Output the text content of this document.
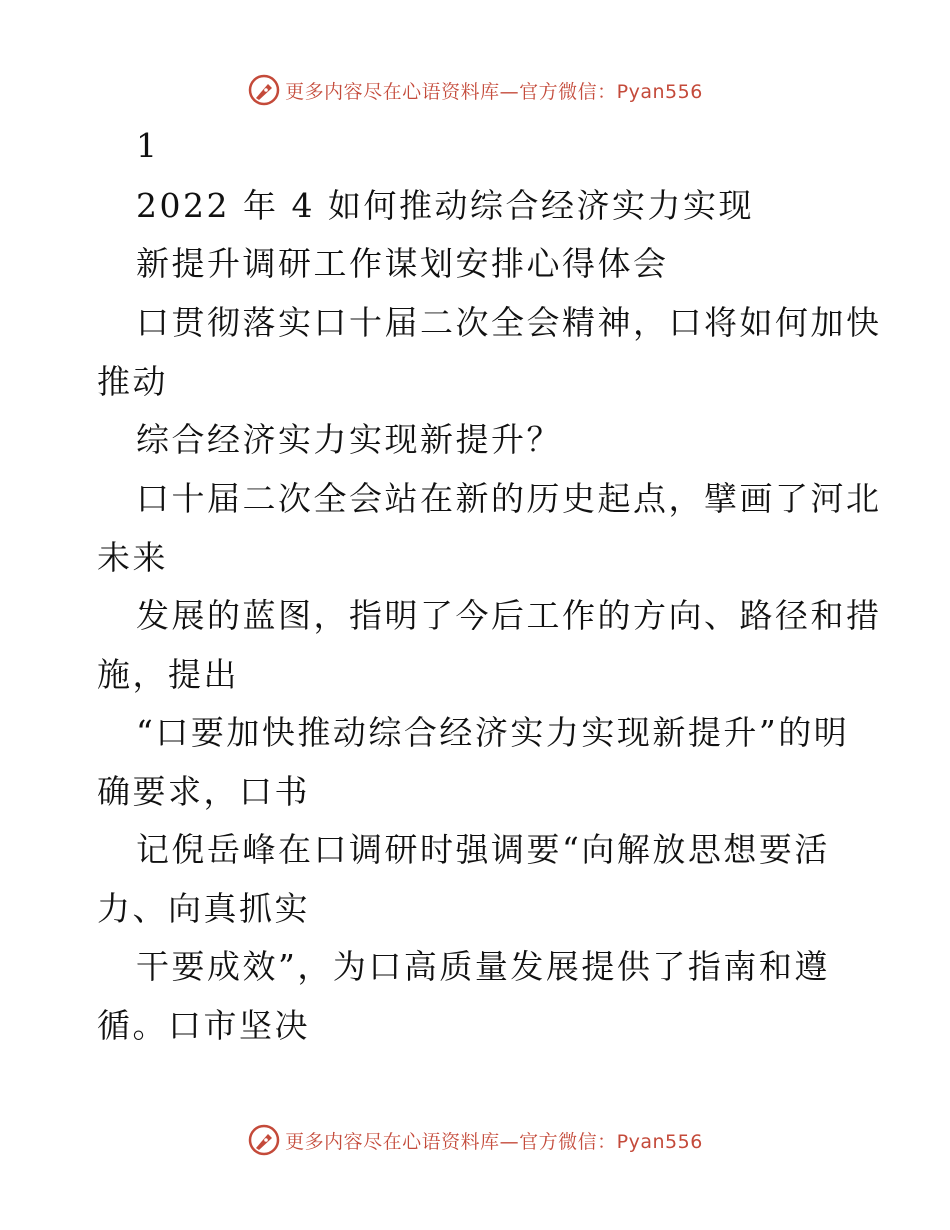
更多内容尽在心语资料库—官方微信：Pyan556
1
2022 年 4 如何推动综合经济实力实现
新提升调研工作谋划安排心得体会
口贯彻落实口十届二次全会精神，口将如何加快
推动
综合经济实力实现新提升？
口十届二次全会站在新的历史起点，擘画了河北
未来
发展的蓝图，指明了今后工作的方向、路径和措
施，提出
“口要加快推动综合经济实力实现新提升”的明
确要求，口书
记倪岳峰在口调研时强调要“向解放思想要活
力、向真抓实
干要成效”，为口高质量发展提供了指南和遵
循。口市坚决
更多内容尽在心语资料库—官方微信：Pyan556
